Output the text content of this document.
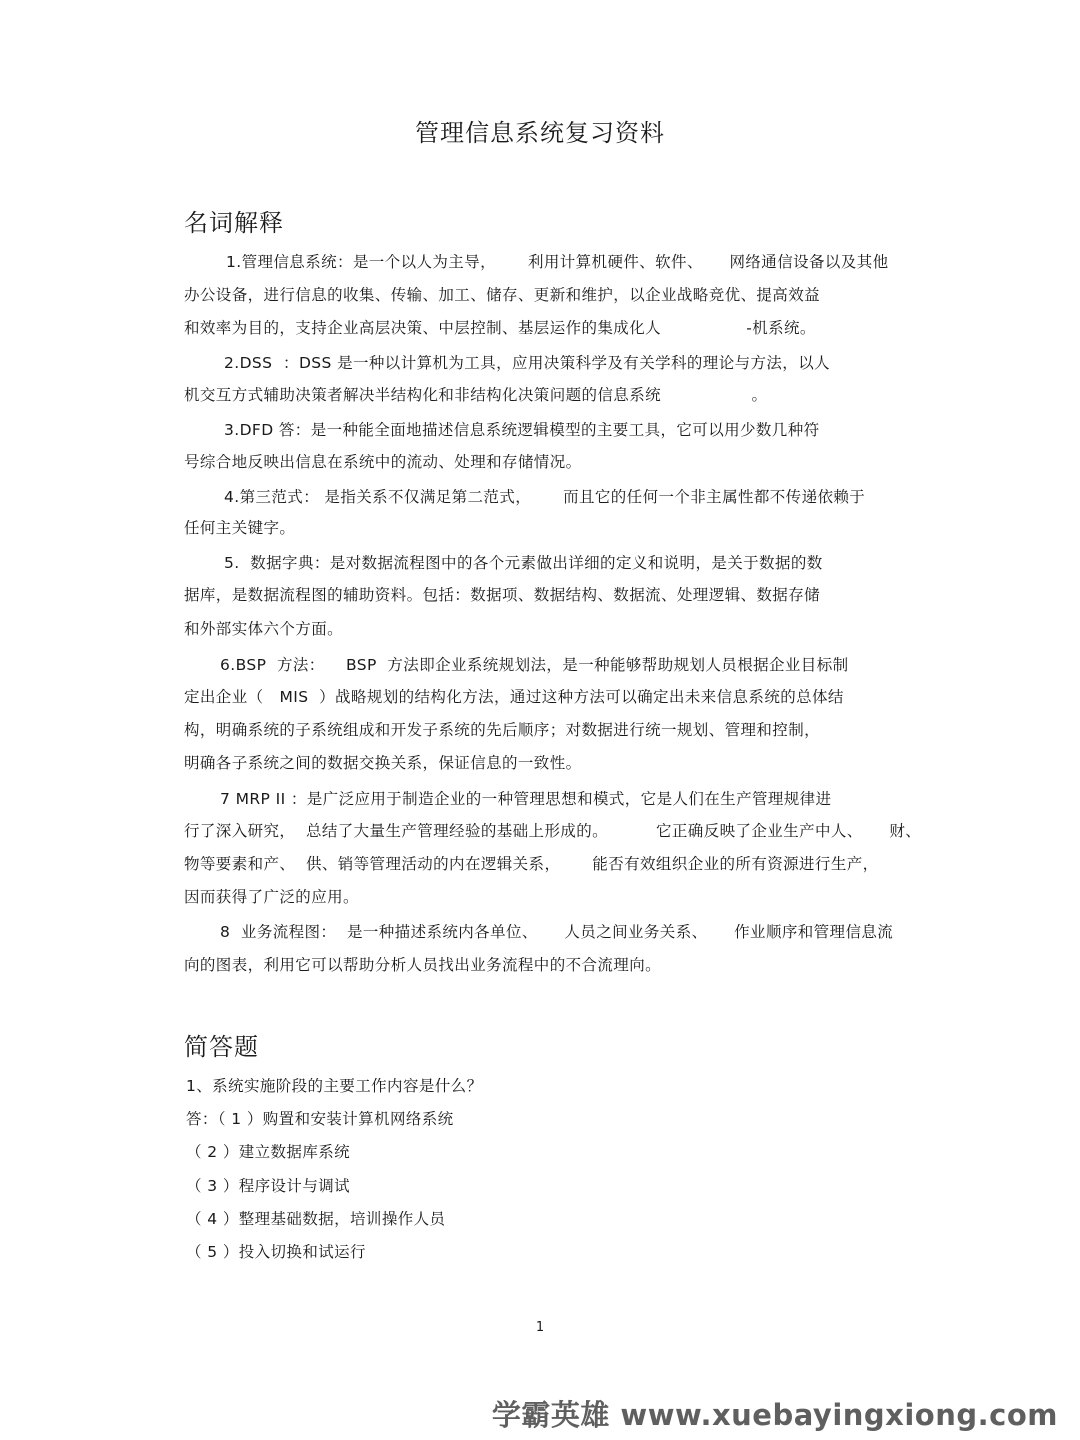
管理信息系统复习资料
名词解释
1.管理信息系统：是一个以人为主导，      利用计算机硬件、软件、     网络通信设备以及其他
办公设备，进行信息的收集、传输、加工、储存、更新和维护，以企业战略竞优、提高效益
和效率为目的，支持企业高层决策、中层控制、基层运作的集成化人                -机系统。
2.DSS  ：DSS 是一种以计算机为工具，应用决策科学及有关学科的理论与方法，以人
机交互方式辅助决策者解决半结构化和非结构化决策问题的信息系统                 。
3.DFD 答：是一种能全面地描述信息系统逻辑模型的主要工具，它可以用少数几种符
号综合地反映出信息在系统中的流动、处理和存储情况。
4.第三范式： 是指关系不仅满足第二范式，      而且它的任何一个非主属性都不传递依赖于
任何主关键字。
5.  数据字典：是对数据流程图中的各个元素做出详细的定义和说明，是关于数据的数
据库，是数据流程图的辅助资料。包括：数据项、数据结构、数据流、处理逻辑、数据存储
和外部实体六个方面。
6.BSP  方法：    BSP  方法即企业系统规划法，是一种能够帮助规划人员根据企业目标制
定出企业（   MIS  ）战略规划的结构化方法，通过这种方法可以确定出未来信息系统的总体结
构，明确系统的子系统组成和开发子系统的先后顺序；对数据进行统一规划、管理和控制，
明确各子系统之间的数据交换关系，保证信息的一致性。
7 MRP II ：是广泛应用于制造企业的一种管理思想和模式，它是人们在生产管理规律进
行了深入研究，  总结了大量生产管理经验的基础上形成的。         它正确反映了企业生产中人、     财、
物等要素和产、  供、销等管理活动的内在逻辑关系，      能否有效组织企业的所有资源进行生产，
因而获得了广泛的应用。
8  业务流程图：  是一种描述系统内各单位、     人员之间业务关系、     作业顺序和管理信息流
向的图表，利用它可以帮助分析人员找出业务流程中的不合流理向。
简答题
1、系统实施阶段的主要工作内容是什么？
答：（ 1 ）购置和安装计算机网络系统
（ 2 ）建立数据库系统
（ 3 ）程序设计与调试
（ 4 ）整理基础数据，培训操作人员
（ 5 ）投入切换和试运行
1
学霸英雄 www.xuebayingxiong.com
